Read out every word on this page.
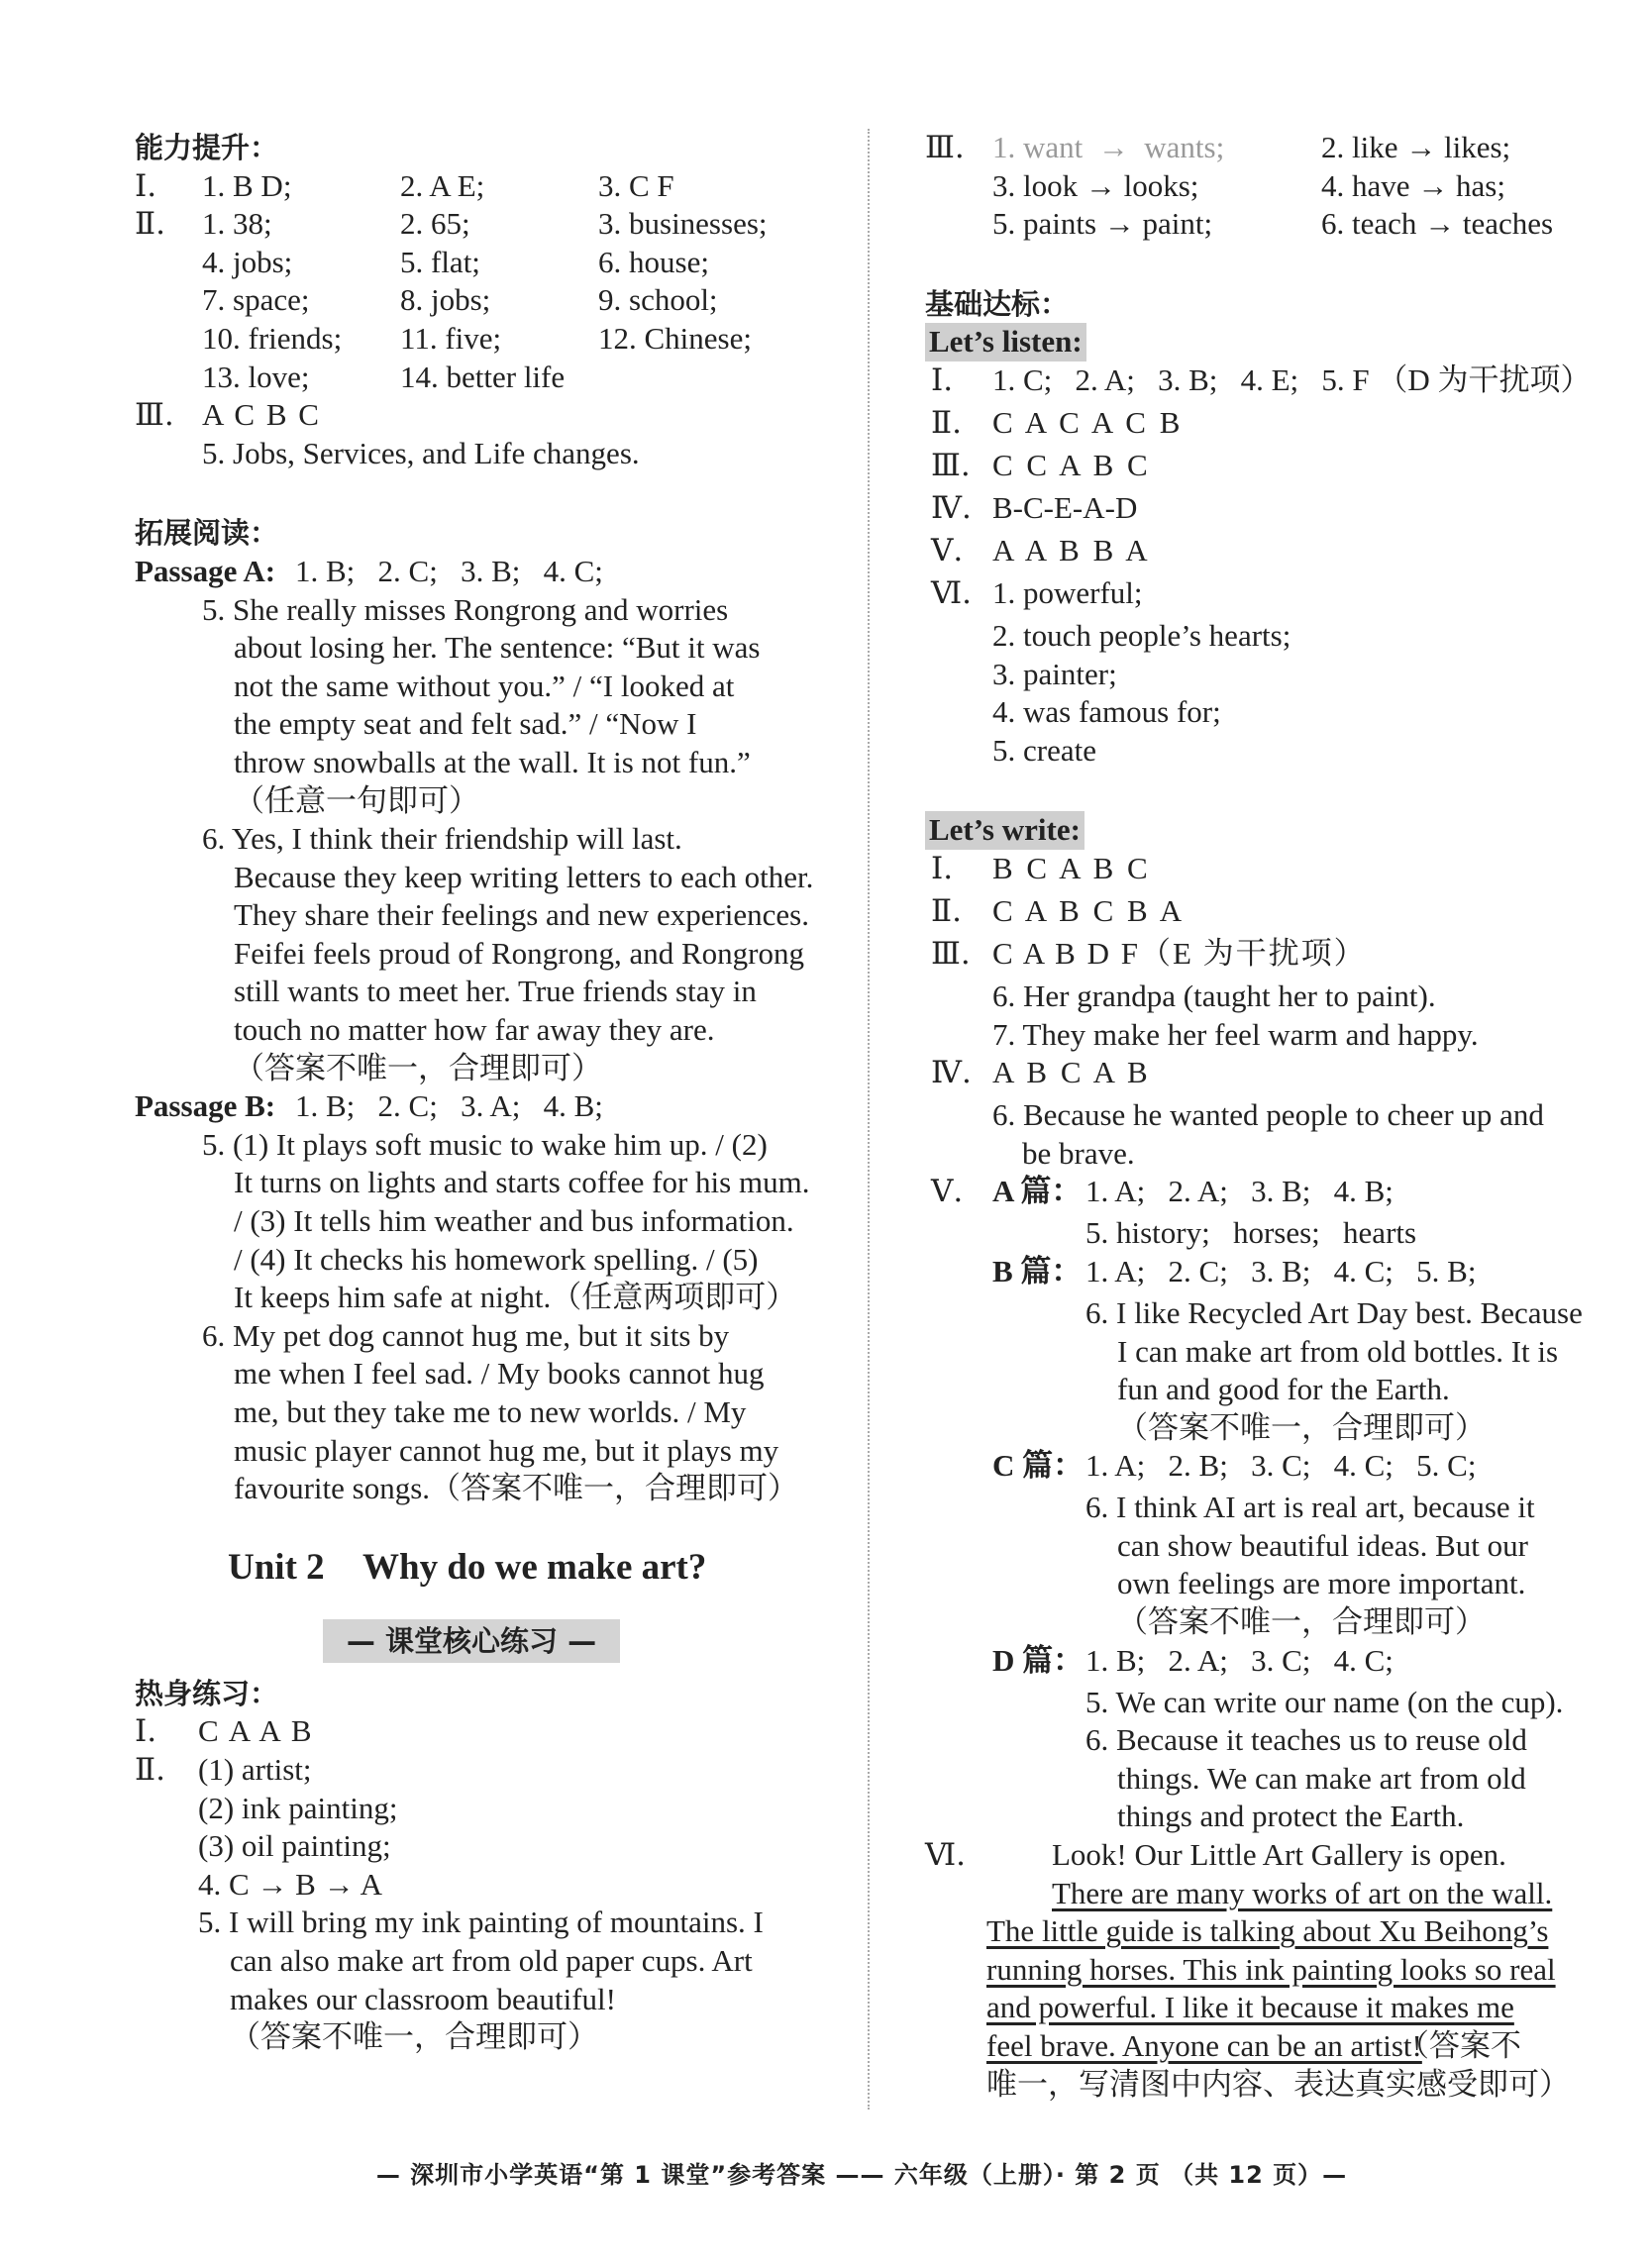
能力提升：
Ⅰ. 1. B D;	2. A E;	3. C F
Ⅱ. 1. 38;	2. 65;	3. businesses;
4. jobs;	5. flat;	6. house;
7. space;	8. jobs;	9. school;
10. friends; 11. five;	12. Chinese;
13. love;	14. better life
Ⅲ. A C B C
5. Jobs, Services, and Life changes.
拓展阅读：
Passage A: 1. B;   2. C;   3. B;   4. C;
5. She really misses Rongrong and worries
about losing her. The sentence: “But it was
not the same without you.” / “I looked at
the empty seat and felt sad.” / “Now I
throw snowballs at the wall. It is not fun.”
（任意一句即可）
6. Yes, I think their friendship will last.
Because they keep writing letters to each other.
They share their feelings and new experiences.
Feifei feels proud of Rongrong, and Rongrong
still wants to meet her. True friends stay in
touch no matter how far away they are.
（答案不唯一，合理即可）
Passage B: 1. B;   2. C;   3. A;   4. B;
5. (1) It plays soft music to wake him up. / (2)
It turns on lights and starts coffee for his mum.
/ (3) It tells him weather and bus information.
/ (4) It checks his homework spelling. / (5)
It keeps him safe at night.（任意两项即可）
6. My pet dog cannot hug me, but it sits by
me when I feel sad. / My books cannot hug
me, but they take me to new worlds. / My
music player cannot hug me, but it plays my
favourite songs.（答案不唯一，合理即可）
Unit 2 Why do we make art?
— 课堂核心练习 —
热身练习：
Ⅰ. C A A B
Ⅱ. (1) artist;
(2) ink painting;
(3) oil painting;
4. C → B → A
5. I will bring my ink painting of mountains. I
can also make art from old paper cups. Art
makes our classroom beautiful!
（答案不唯一，合理即可）
Ⅲ. 1. want  →  wants;	2. like → likes;
3. look → looks;	4. have → has;
5. paints → paint;	6. teach → teaches
基础达标：
Let’s listen:
Ⅰ. 1. C;   2. A;   3. B;   4. E;   5. F （D 为干扰项）
Ⅱ. C A C A C B
Ⅲ. C C A B C
Ⅳ. B-C-E-A-D
Ⅴ. A A B B A
Ⅵ. 1. powerful;
2. touch people’s hearts;
3. painter;
4. was famous for;
5. create
Let’s write:
Ⅰ. B C A B C
Ⅱ. C A B C B A
Ⅲ. C A B D F（E 为干扰项）
6. Her grandpa (taught her to paint).
7. They make her feel warm and happy.
Ⅳ. A B C A B
6. Because he wanted people to cheer up and
be brave.
Ⅴ. A 篇： 1. A;   2. A;   3. B;   4. B;
5. history;   horses;   hearts
B 篇： 1. A;   2. C;   3. B;   4. C;   5. B;
6. I like Recycled Art Day best. Because
I can make art from old bottles. It is
fun and good for the Earth.
（答案不唯一，合理即可）
C 篇： 1. A;   2. B;   3. C;   4. C;   5. C;
6. I think AI art is real art, because it
can show beautiful ideas. But our
own feelings are more important.
（答案不唯一，合理即可）
D 篇： 1. B;   2. A;   3. C;   4. C;
5. We can write our name (on the cup).
6. Because it teaches us to reuse old
things. We can make art from old
things and protect the Earth.
Ⅵ.	Look! Our Little Art Gallery is open.
There are many works of art on the wall.
The little guide is talking about Xu Beihong’s
running horses. This ink painting looks so real
and powerful. I like it because it makes me
feel brave. Anyone can be an artist!
（答案不
唯一，写清图中内容、表达真实感受即可）
— 深圳市小学英语“第 1 课堂”参考答案 —— 六年级（上册）· 第 2 页 （共 12 页）—
